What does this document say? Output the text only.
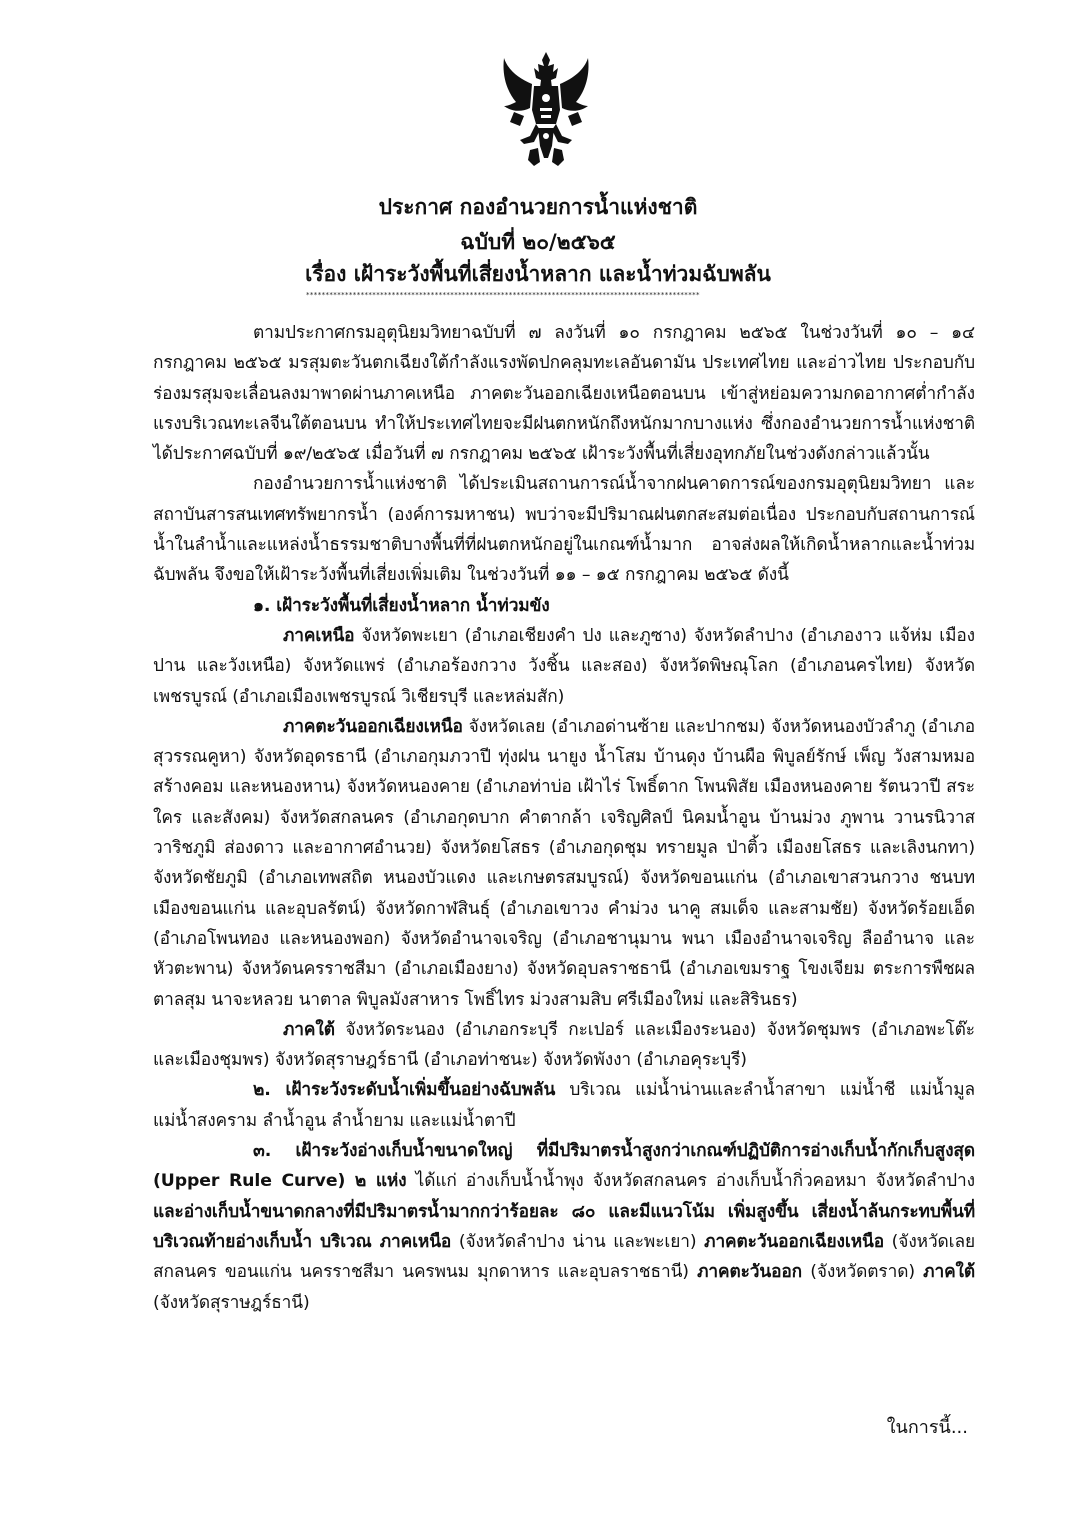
ประกาศ กองอำนวยการน้ำแห่งชาติ
ฉบับที่ ๒๐/๒๕๖๕
เรื่อง เฝ้าระวังพื้นที่เสี่ยงน้ำหลาก และน้ำท่วมฉับพลัน
*****************************************************************************************************

ตามประกาศกรมอุตุนิยมวิทยาฉบับที่ ๗ ลงวันที่ ๑๐ กรกฎาคม ๒๕๖๕ ในช่วงวันที่ ๑๐ – ๑๔ กรกฎาคม ๒๕๖๕ มรสุมตะวันตกเฉียงใต้กำลังแรงพัดปกคลุมทะเลอันดามัน ประเทศไทย และอ่าวไทย ประกอบกับร่องมรสุมจะเลื่อนลงมาพาดผ่านภาคเหนือ ภาคตะวันออกเฉียงเหนือตอนบน เข้าสู่หย่อมความกดอากาศต่ำกำลังแรงบริเวณทะเลจีนใต้ตอนบน ทำให้ประเทศไทยจะมีฝนตกหนักถึงหนักมากบางแห่ง ซึ่งกองอำนวยการน้ำแห่งชาติ ได้ประกาศฉบับที่ ๑๙/๒๕๖๕ เมื่อวันที่ ๗ กรกฎาคม ๒๕๖๕ เฝ้าระวังพื้นที่เสี่ยงอุทกภัยในช่วงดังกล่าวแล้วนั้น

กองอำนวยการน้ำแห่งชาติ ได้ประเมินสถานการณ์น้ำจากฝนคาดการณ์ของกรมอุตุนิยมวิทยา และสถาบันสารสนเทศทรัพยากรน้ำ (องค์การมหาชน) พบว่าจะมีปริมาณฝนตกสะสมต่อเนื่อง ประกอบกับสถานการณ์น้ำในลำน้ำและแหล่งน้ำธรรมชาติบางพื้นที่ที่ฝนตกหนักอยู่ในเกณฑ์น้ำมาก อาจส่งผลให้เกิดน้ำหลากและน้ำท่วมฉับพลัน จึงขอให้เฝ้าระวังพื้นที่เสี่ยงเพิ่มเติม ในช่วงวันที่ ๑๑ – ๑๕ กรกฎาคม ๒๕๖๕ ดังนี้

๑. เฝ้าระวังพื้นที่เสี่ยงน้ำหลาก น้ำท่วมขัง

ภาคเหนือ จังหวัดพะเยา (อำเภอเชียงคำ ปง และภูซาง) จังหวัดลำปาง (อำเภองาว แจ้ห่ม เมืองปาน และวังเหนือ) จังหวัดแพร่ (อำเภอร้องกวาง วังชิ้น และสอง) จังหวัดพิษณุโลก (อำเภอนครไทย) จังหวัดเพชรบูรณ์ (อำเภอเมืองเพชรบูรณ์ วิเชียรบุรี และหล่มสัก)

ภาคตะวันออกเฉียงเหนือ จังหวัดเลย (อำเภอด่านซ้าย และปากชม) จังหวัดหนองบัวลำภู (อำเภอสุวรรณคูหา) จังหวัดอุดรธานี (อำเภอกุมภวาปี ทุ่งฝน นายูง น้ำโสม บ้านดุง บ้านผือ พิบูลย์รักษ์ เพ็ญ วังสามหมอ สร้างคอม และหนองหาน) จังหวัดหนองคาย (อำเภอท่าบ่อ เฝ้าไร่ โพธิ์ตาก โพนพิสัย เมืองหนองคาย รัตนวาปี สระใคร และสังคม) จังหวัดสกลนคร (อำเภอกุดบาก คำตากล้า เจริญศิลป์ นิคมน้ำอูน บ้านม่วง ภูพาน วานรนิวาส วาริชภูมิ ส่องดาว และอากาศอำนวย) จังหวัดยโสธร (อำเภอกุดชุม ทรายมูล ป่าติ้ว เมืองยโสธร และเลิงนกทา) จังหวัดชัยภูมิ (อำเภอเทพสถิต หนองบัวแดง และเกษตรสมบูรณ์) จังหวัดขอนแก่น (อำเภอเขาสวนกวาง ชนบทเมืองขอนแก่น และอุบลรัตน์) จังหวัดกาฬสินธุ์ (อำเภอเขาวง คำม่วง นาคู สมเด็จ และสามชัย) จังหวัดร้อยเอ็ด (อำเภอโพนทอง และหนองพอก) จังหวัดอำนาจเจริญ (อำเภอชานุมาน พนา เมืองอำนาจเจริญ ลืออำนาจ และหัวตะพาน) จังหวัดนครราชสีมา (อำเภอเมืองยาง) จังหวัดอุบลราชธานี (อำเภอเขมราฐ โขงเจียม ตระการพืชผล ตาลสุม นาจะหลวย นาตาล พิบูลมังสาหาร โพธิ์ไทร ม่วงสามสิบ ศรีเมืองใหม่ และสิรินธร)

ภาคใต้ จังหวัดระนอง (อำเภอกระบุรี กะเปอร์ และเมืองระนอง) จังหวัดชุมพร (อำเภอพะโต๊ะ และเมืองชุมพร) จังหวัดสุราษฎร์ธานี (อำเภอท่าชนะ) จังหวัดพังงา (อำเภอคุระบุรี)

๒. เฝ้าระวังระดับน้ำเพิ่มขึ้นอย่างฉับพลัน บริเวณ แม่น้ำน่านและลำน้ำสาขา แม่น้ำชี แม่น้ำมูล แม่น้ำสงคราม ลำน้ำอูน ลำน้ำยาม และแม่น้ำตาปี

๓. เฝ้าระวังอ่างเก็บน้ำขนาดใหญ่ ที่มีปริมาตรน้ำสูงกว่าเกณฑ์ปฏิบัติการอ่างเก็บน้ำกักเก็บสูงสุด (Upper Rule Curve) ๒ แห่ง ได้แก่ อ่างเก็บน้ำน้ำพุง จังหวัดสกลนคร อ่างเก็บน้ำกิ่วคอหมา จังหวัดลำปาง และอ่างเก็บน้ำขนาดกลางที่มีปริมาตรน้ำมากกว่าร้อยละ ๘๐ และมีแนวโน้ม เพิ่มสูงขึ้น เสี่ยงน้ำล้นกระทบพื้นที่บริเวณท้ายอ่างเก็บน้ำ บริเวณ ภาคเหนือ (จังหวัดลำปาง น่าน และพะเยา) ภาคตะวันออกเฉียงเหนือ (จังหวัดเลย สกลนคร ขอนแก่น นครราชสีมา นครพนม มุกดาหาร และอุบลราชธานี) ภาคตะวันออก (จังหวัดตราด) ภาคใต้ (จังหวัดสุราษฎร์ธานี)

ในการนี้...
